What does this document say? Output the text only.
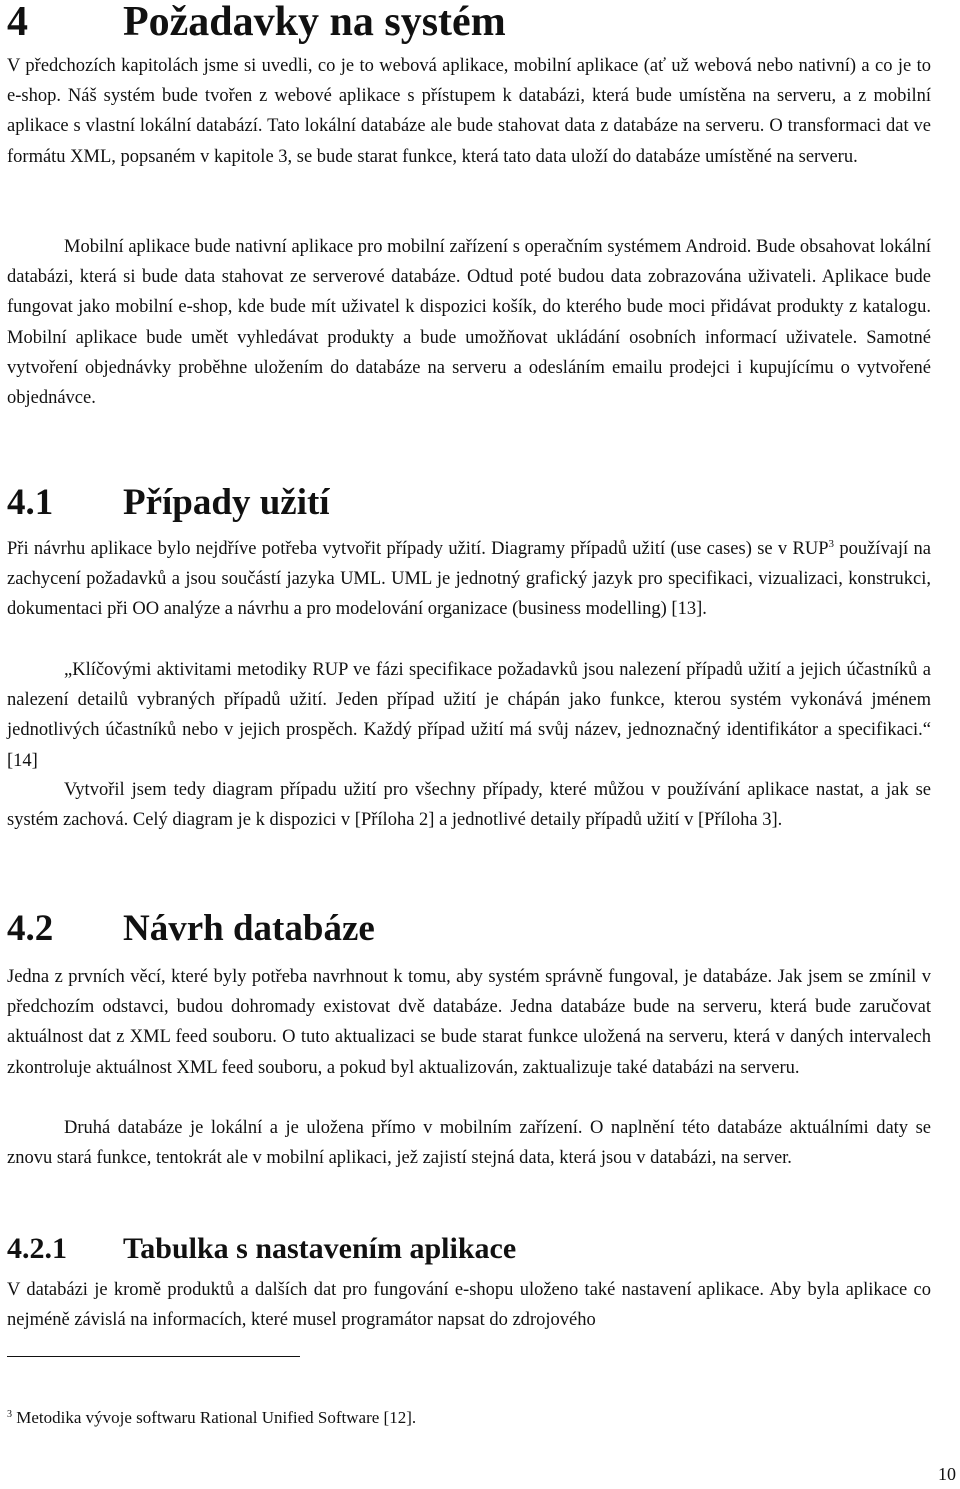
4 Požadavky na systém

V předchozích kapitolách jsme si uvedli, co je to webová aplikace, mobilní aplikace (ať už webová nebo nativní) a co je to e-shop. Náš systém bude tvořen z webové aplikace s přístupem k databázi, která bude umístěna na serveru, a z mobilní aplikace s vlastní lokální databází. Tato lokální databáze ale bude stahovat data z databáze na serveru. O transformaci dat ve formátu XML, popsaném v kapitole 3, se bude starat funkce, která tato data uloží do databáze umístěné na serveru.

Mobilní aplikace bude nativní aplikace pro mobilní zařízení s operačním systémem Android. Bude obsahovat lokální databázi, která si bude data stahovat ze serverové databáze. Odtud poté budou data zobrazována uživateli. Aplikace bude fungovat jako mobilní e-shop, kde bude mít uživatel k dispozici košík, do kterého bude moci přidávat produkty z katalogu. Mobilní aplikace bude umět vyhledávat produkty a bude umožňovat ukládání osobních informací uživatele. Samotné vytvoření objednávky proběhne uložením do databáze na serveru a odesláním emailu prodejci i kupujícímu o vytvořené objednávce.

4.1 Případy užití

Při návrhu aplikace bylo nejdříve potřeba vytvořit případy užití. Diagramy případů užití (use cases) se v RUP$^3$ používají na zachycení požadavků a jsou součástí jazyka UML. UML je jednotný grafický jazyk pro specifikaci, vizualizaci, konstrukci, dokumentaci při OO analýze a návrhu a pro modelování organizace (business modelling) [13].

„Klíčovými aktivitami metodiky RUP ve fázi specifikace požadavků jsou nalezení případů užití a jejich účastníků a nalezení detailů vybraných případů užití. Jeden případ užití je chápán jako funkce, kterou systém vykonává jménem jednotlivých účastníků nebo v jejich prospěch. Každý případ užití má svůj název, jednoznačný identifikátor a specifikaci.“ [14]

Vytvořil jsem tedy diagram případu užití pro všechny případy, které můžou v používání aplikace nastat, a jak se systém zachová. Celý diagram je k dispozici v [Příloha 2] a jednotlivé detaily případů užití v [Příloha 3].

4.2 Návrh databáze

Jedna z prvních věcí, které byly potřeba navrhnout k tomu, aby systém správně fungoval, je databáze. Jak jsem se zmínil v předchozím odstavci, budou dohromady existovat dvě databáze. Jedna databáze bude na serveru, která bude zaručovat aktuálnost dat z XML feed souboru. O tuto aktualizaci se bude starat funkce uložená na serveru, která v daných intervalech zkontroluje aktuálnost XML feed souboru, a pokud byl aktualizován, zaktualizuje také databázi na serveru.

Druhá databáze je lokální a je uložena přímo v mobilním zařízení. O naplnění této databáze aktuálními daty se znovu stará funkce, tentokrát ale v mobilní aplikaci, jež zajistí stejná data, která jsou v databázi, na server.

4.2.1 Tabulka s nastavením aplikace

V databázi je kromě produktů a dalších dat pro fungování e-shopu uloženo také nastavení aplikace. Aby byla aplikace co nejméně závislá na informacích, které musel programátor napsat do zdrojového

$^3$ Metodika vývoje softwaru Rational Unified Software [12].
10
